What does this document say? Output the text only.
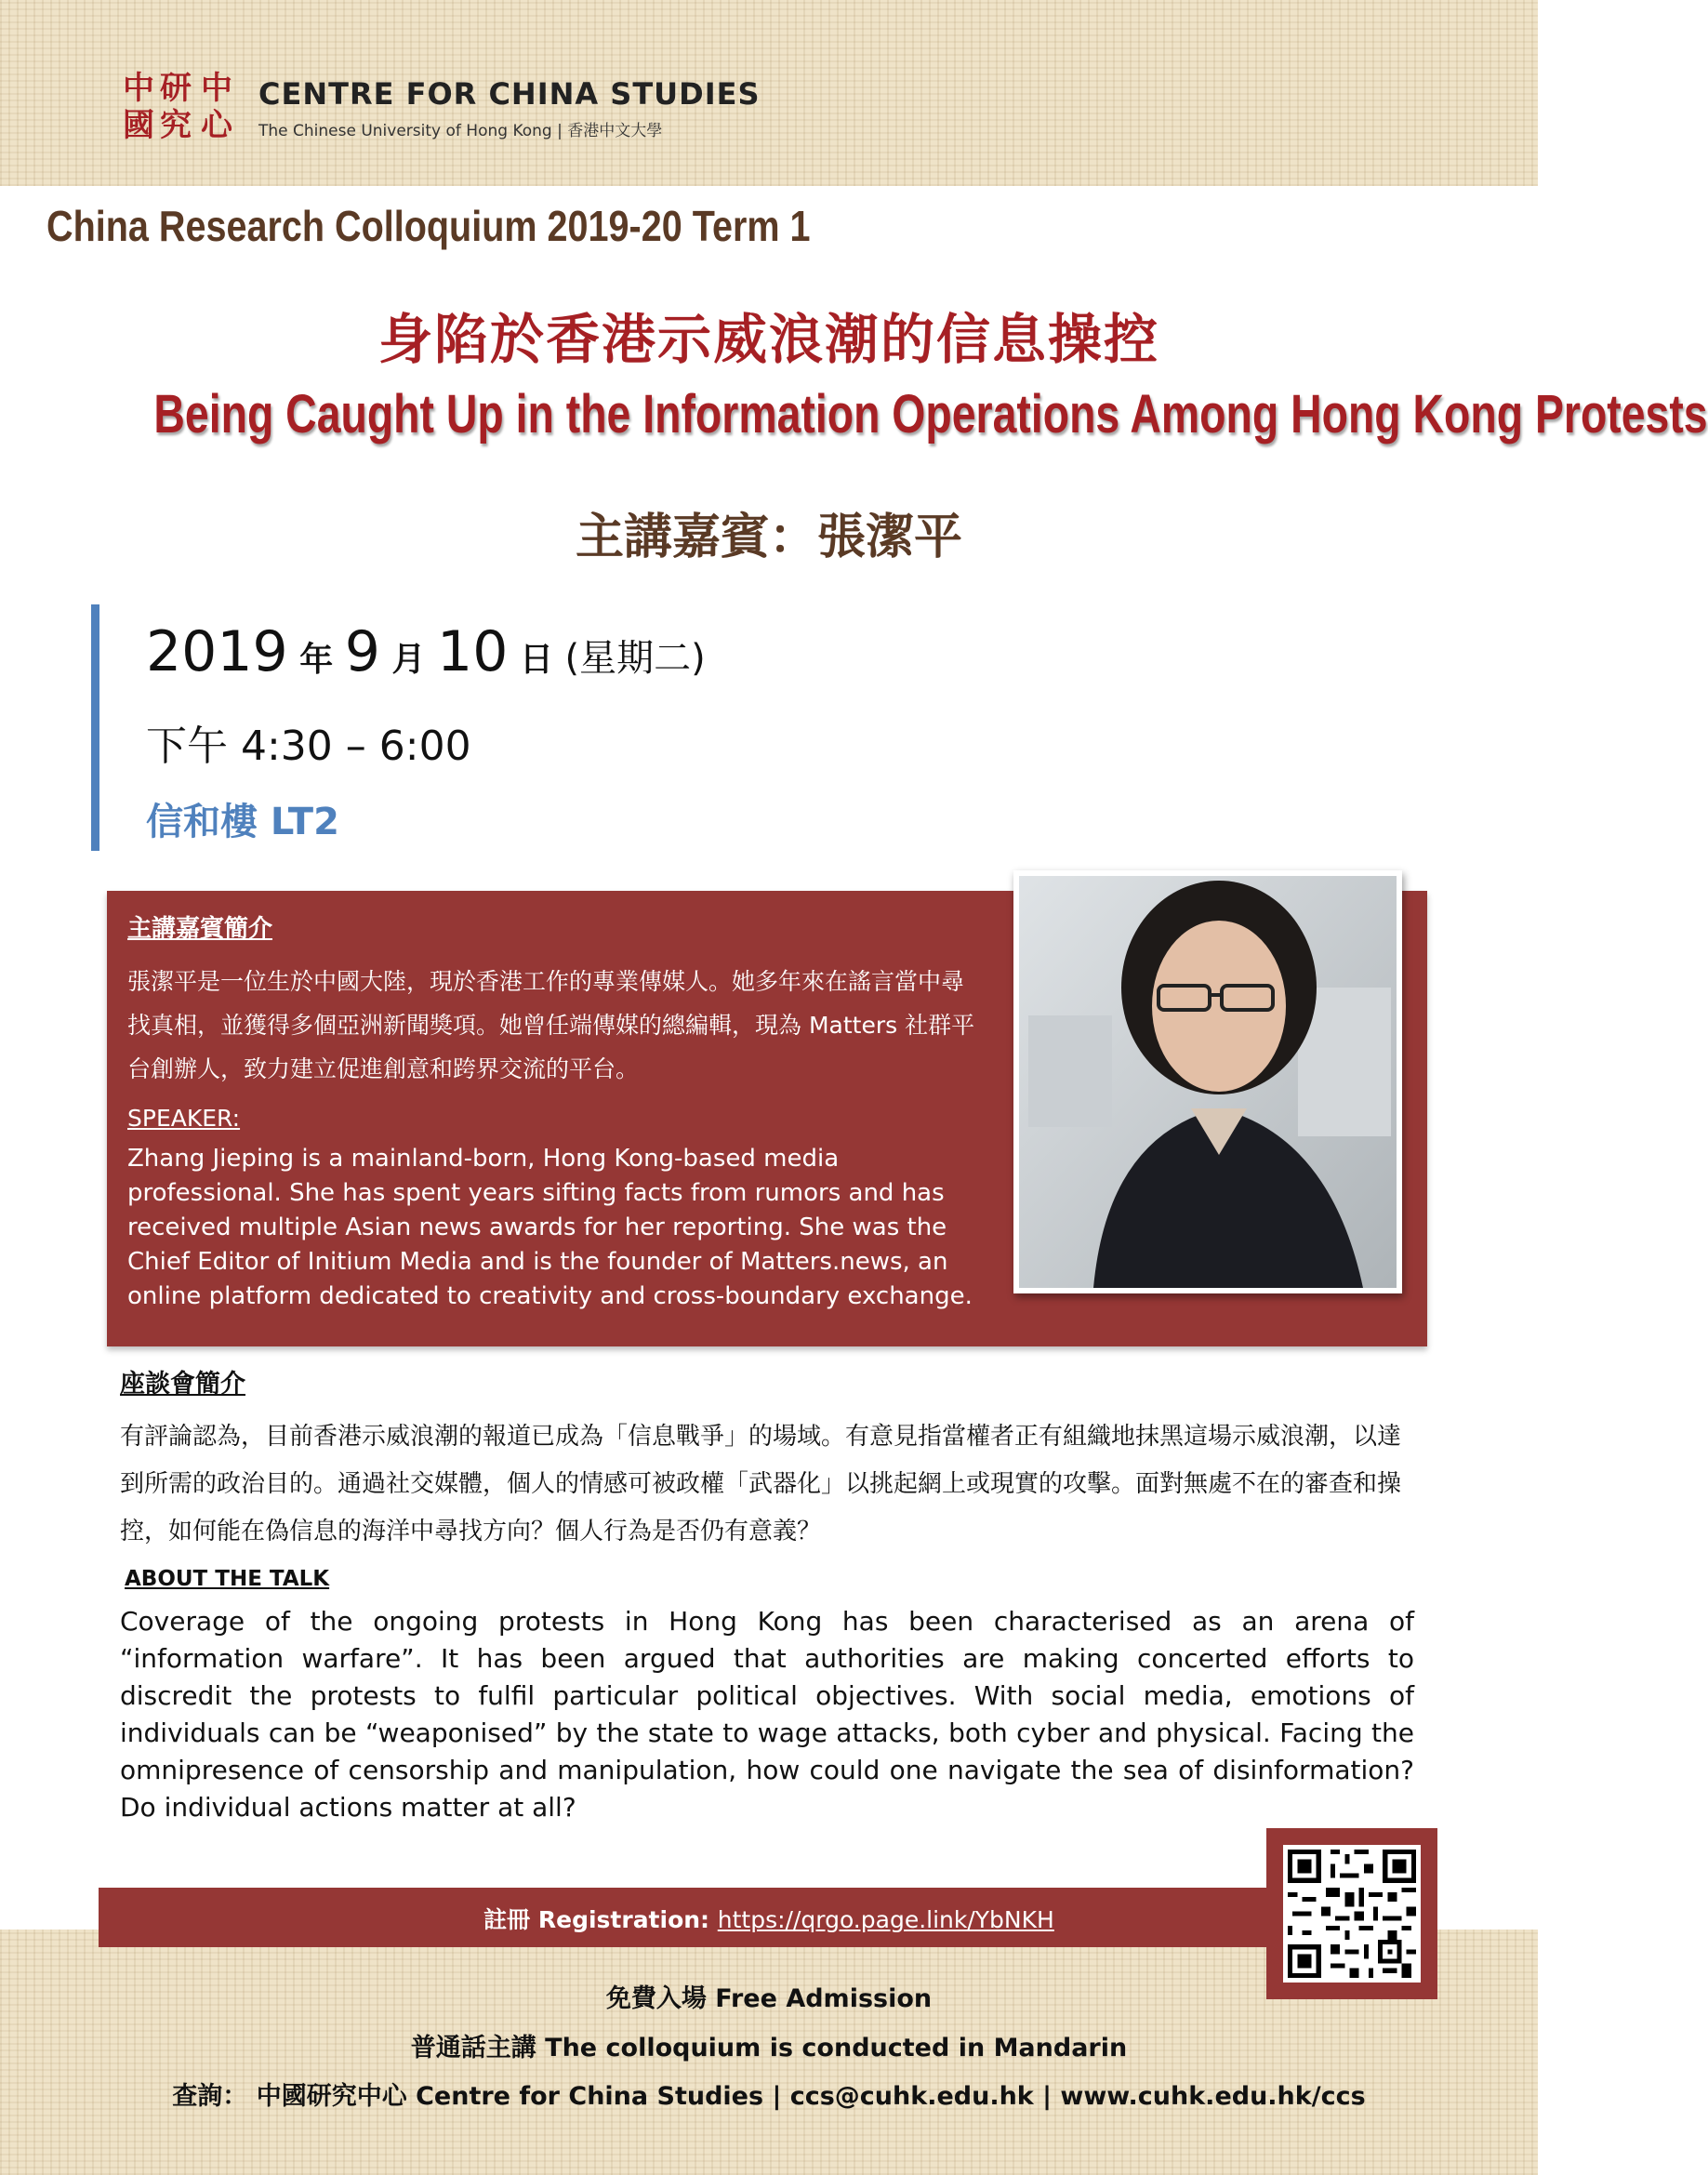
中 研
國 究
中
心
CENTRE FOR CHINA STUDIES
The Chinese University of Hong Kong | 香港中文大學
China Research Colloquium 2019-20 Term 1
身陷於香港示威浪潮的信息操控
Being Caught Up in the Information Operations Among Hong Kong Protests
主講嘉賓：張潔平
2019 年 9 月 10 日 (星期二)
下午 4:30 – 6:00
信和樓 LT2
主講嘉賓簡介
張潔平是一位生於中國大陸，現於香港工作的專業傳媒人。她多年來在謠言當中尋找真相，並獲得多個亞洲新聞獎項。她曾任端傳媒的總編輯，現為 Matters 社群平台創辦人，致力建立促進創意和跨界交流的平台。
SPEAKER:
Zhang Jieping is a mainland-born, Hong Kong-based media professional. She has spent years sifting facts from rumors and has received multiple Asian news awards for her reporting. She was the Chief Editor of Initium Media and is the founder of Matters.news, an online platform dedicated to creativity and cross-boundary exchange.
座談會簡介
有評論認為，目前香港示威浪潮的報道已成為「信息戰爭」的場域。有意見指當權者正有組織地抹黑這場示威浪潮，以達到所需的政治目的。通過社交媒體，個人的情感可被政權「武器化」以挑起網上或現實的攻擊。面對無處不在的審查和操控，如何能在偽信息的海洋中尋找方向？個人行為是否仍有意義？
ABOUT THE TALK
Coverage of the ongoing protests in Hong Kong has been characterised as an arena of “information warfare”. It has been argued that authorities are making concerted efforts to discredit the protests to fulfil particular political objectives. With social media, emotions of individuals can be “weaponised” by the state to wage attacks, both cyber and physical. Facing the omnipresence of censorship and manipulation, how could one navigate the sea of disinformation? Do individual actions matter at all?
註冊 Registration: https://qrgo.page.link/YbNKH
免費入場 Free Admission
普通話主講 The colloquium is conducted in Mandarin
查詢： 中國研究中心 Centre for China Studies | ccs@cuhk.edu.hk | www.cuhk.edu.hk/ccs
